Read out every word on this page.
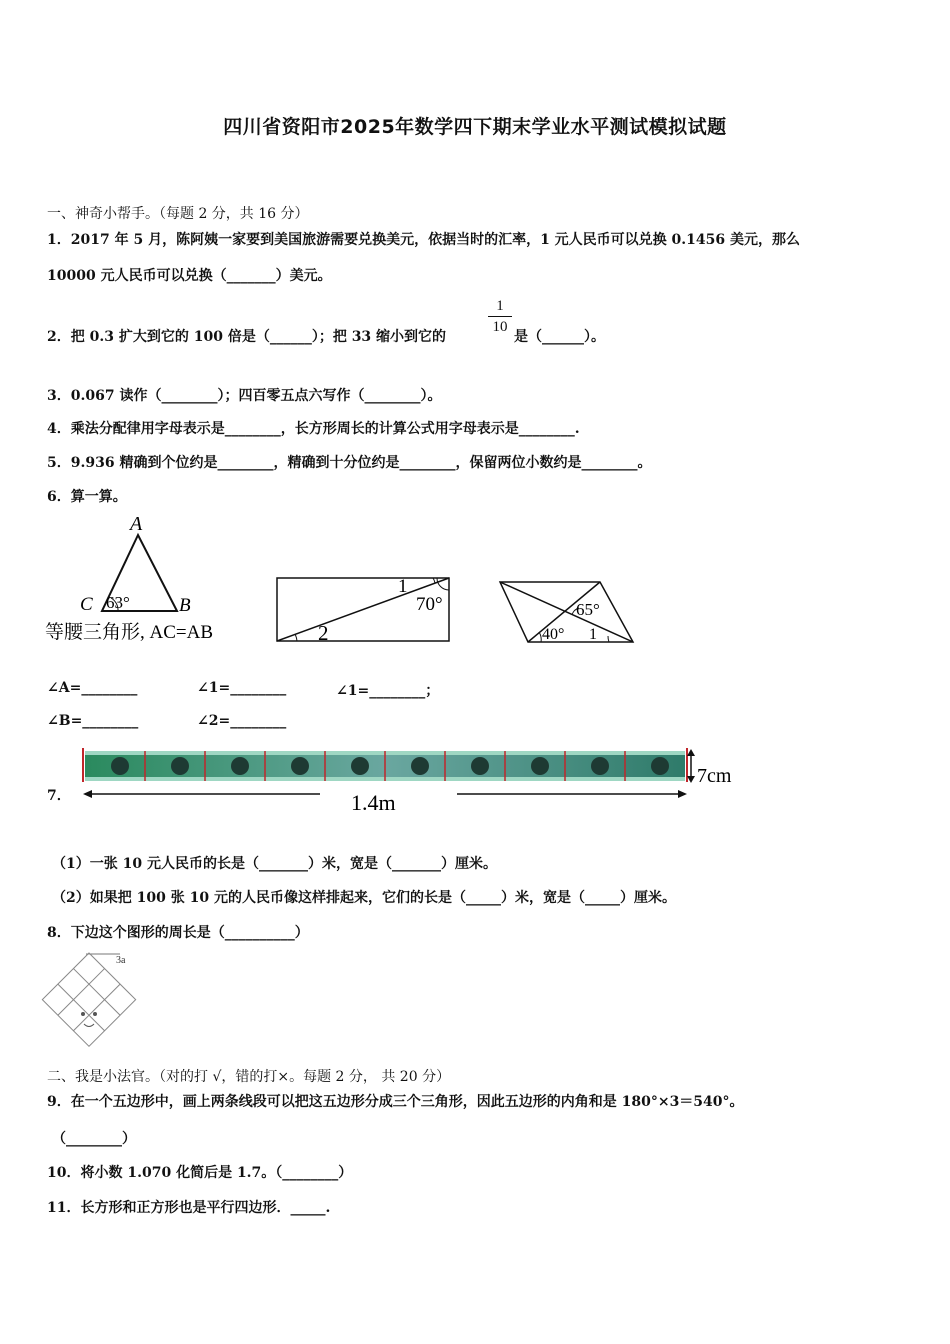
四川省资阳市2025年数学四下期末学业水平测试模拟试题
一、神奇小帮手。（每题 2 分，共 16 分）
1．2017 年 5 月，陈阿姨一家要到美国旅游需要兑换美元，依据当时的汇率，1 元人民币可以兑换 0.1456 美元，那么
10000 元人民币可以兑换（_______）美元。
2．把 0.3 扩大到它的 100 倍是（______）；把 33 缩小到它的	$\frac{1}{10}$ 是（______）。
3．0.067 读作（________）；四百零五点六写作（________）。
4．乘法分配律用字母表示是________，长方形周长的计算公式用字母表示是________.
5．9.936 精确到个位约是________，精确到十分位约是________，保留两位小数约是________。
6．算一算。
A
B
C 63°
等腰三角形, AC=AB
1
70°
2
65°
40° 1
∠A=________	∠1=________	∠1=________；
∠B=________	∠2=________
7．
7cm
1.4m
（1）一张 10 元人民币的长是（_______）米，宽是（_______）厘米。
（2）如果把 100 张 10 元的人民币像这样排起来，它们的长是（_____）米，宽是（_____）厘米。
8．下边这个图形的周长是（__________）
3a
二、我是小法官。（对的打 √，错的打×。每题 2 分， 共 20 分）
9．在一个五边形中，画上两条线段可以把这五边形分成三个三角形，因此五边形的内角和是 180°×3＝540°。
（________）
10．将小数 1.070 化简后是 1.7。（________）
11．长方形和正方形也是平行四边形．_____.
